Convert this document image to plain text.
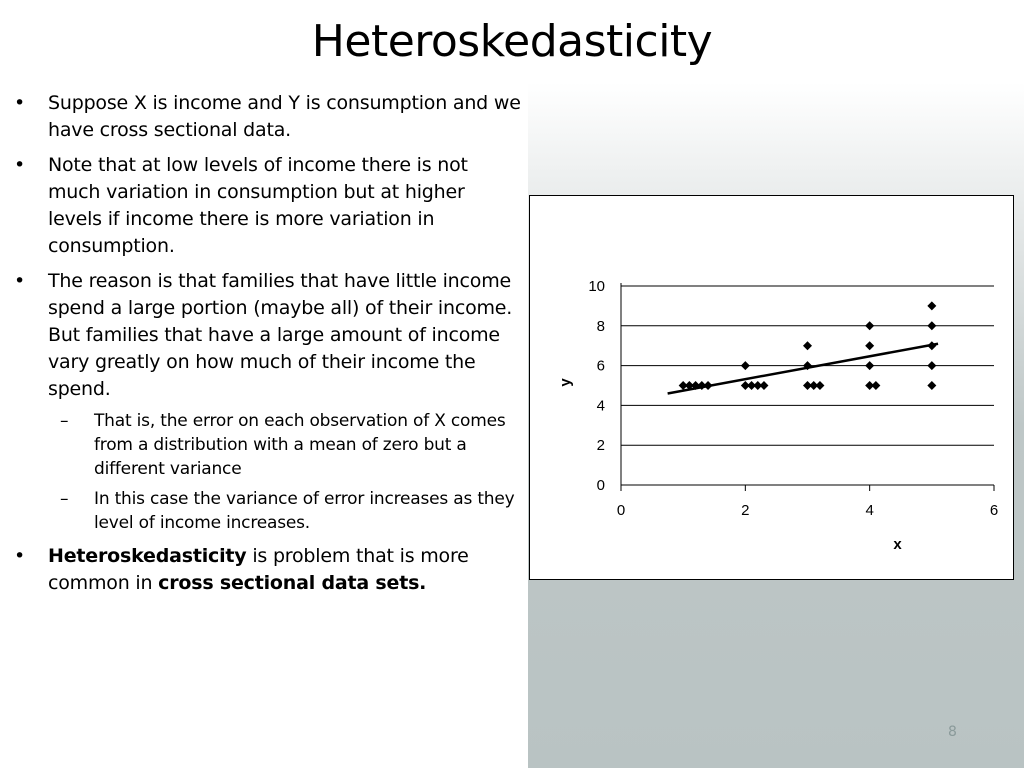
Heteroskedasticity
• Suppose X is income and Y is consumption and we have cross sectional data.
• Note that at low levels of income there is not much variation in consumption but at higher levels if income there is more variation in consumption.
• The reason is that families that have little income spend a large portion (maybe all) of their income. But families that have a large amount of income vary greatly on how much of their income the spend.
– That is, the error on each observation of X comes from a distribution with a mean of zero but a different variance
– In this case the variance of error increases as they level of income increases.
• Heteroskedasticity is problem that is more common in cross sectional data sets.
0
2
4
6
8
10
0	2	4	6
x
y
8
